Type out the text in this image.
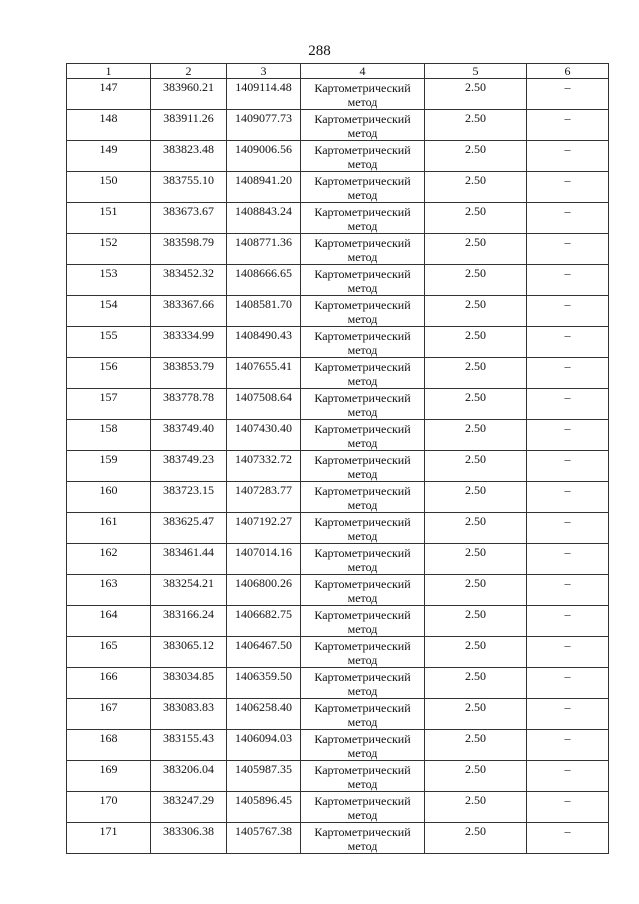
288
1	2	3	4	5	6
147	383960.21	1409114.48	Картометрический
метод	2.50	–
148	383911.26	1409077.73	Картометрический
метод	2.50	–
149	383823.48	1409006.56	Картометрический
метод	2.50	–
150	383755.10	1408941.20	Картометрический
метод	2.50	–
151	383673.67	1408843.24	Картометрический
метод	2.50	–
152	383598.79	1408771.36	Картометрический
метод	2.50	–
153	383452.32	1408666.65	Картометрический
метод	2.50	–
154	383367.66	1408581.70	Картометрический
метод	2.50	–
155	383334.99	1408490.43	Картометрический
метод	2.50	–
156	383853.79	1407655.41	Картометрический
метод	2.50	–
157	383778.78	1407508.64	Картометрический
метод	2.50	–
158	383749.40	1407430.40	Картометрический
метод	2.50	–
159	383749.23	1407332.72	Картометрический
метод	2.50	–
160	383723.15	1407283.77	Картометрический
метод	2.50	–
161	383625.47	1407192.27	Картометрический
метод	2.50	–
162	383461.44	1407014.16	Картометрический
метод	2.50	–
163	383254.21	1406800.26	Картометрический
метод	2.50	–
164	383166.24	1406682.75	Картометрический
метод	2.50	–
165	383065.12	1406467.50	Картометрический
метод	2.50	–
166	383034.85	1406359.50	Картометрический
метод	2.50	–
167	383083.83	1406258.40	Картометрический
метод	2.50	–
168	383155.43	1406094.03	Картометрический
метод	2.50	–
169	383206.04	1405987.35	Картометрический
метод	2.50	–
170	383247.29	1405896.45	Картометрический
метод	2.50	–
171	383306.38	1405767.38	Картометрический
метод	2.50	–
